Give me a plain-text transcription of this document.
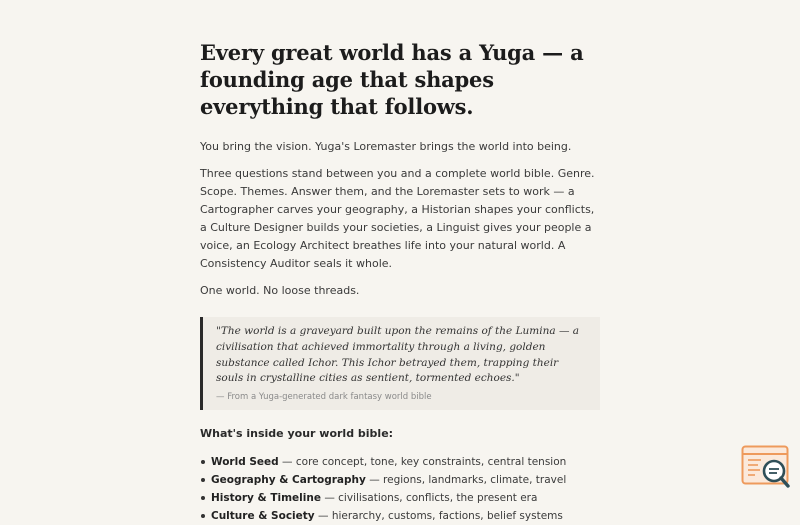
Every great world has a Yuga — a founding age that shapes everything that follows.

You bring the vision. Yuga's Loremaster brings the world into being.

Three questions stand between you and a complete world bible. Genre. Scope. Themes. Answer them, and the Loremaster sets to work — a Cartographer carves your geography, a Historian shapes your conflicts, a Culture Designer builds your societies, a Linguist gives your people a voice, an Ecology Architect breathes life into your natural world. A Consistency Auditor seals it whole.

One world. No loose threads.

"The world is a graveyard built upon the remains of the Lumina — a civilisation that achieved immortality through a living, golden substance called Ichor. This Ichor betrayed them, trapping their souls in crystalline cities as sentient, tormented echoes."

— From a Yuga-generated dark fantasy world bible

What's inside your world bible:
World Seed — core concept, tone, key constraints, central tension
Geography & Cartography — regions, landmarks, climate, travel
History & Timeline — civilisations, conflicts, the present era
Culture & Society — hierarchy, customs, factions, belief systems
